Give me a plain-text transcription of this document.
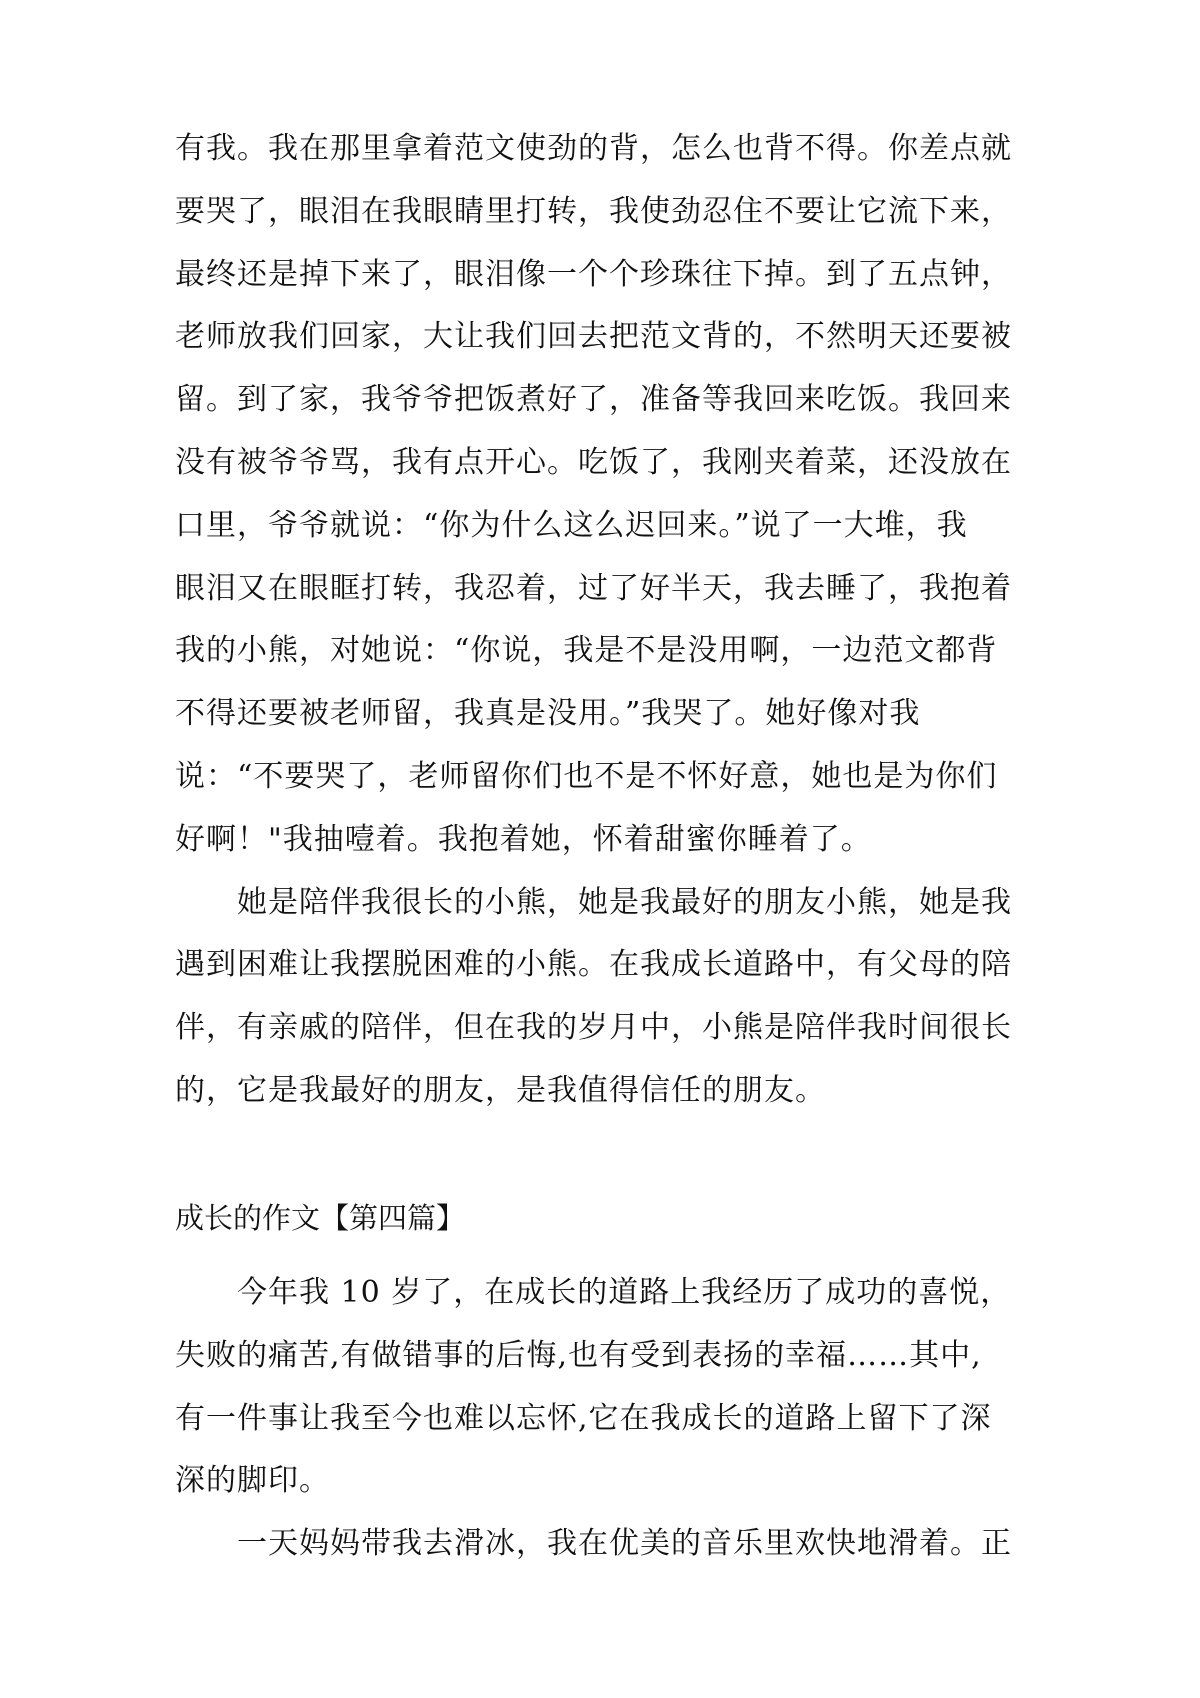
有我。我在那里拿着范文使劲的背，怎么也背不得。你差点就
要哭了，眼泪在我眼睛里打转，我使劲忍住不要让它流下来，
最终还是掉下来了，眼泪像一个个珍珠往下掉。到了五点钟，
老师放我们回家，大让我们回去把范文背的，不然明天还要被
留。到了家，我爷爷把饭煮好了，准备等我回来吃饭。我回来
没有被爷爷骂，我有点开心。吃饭了，我刚夹着菜，还没放在
口里，爷爷就说：“你为什么这么迟回来。”说了一大堆，我
眼泪又在眼眶打转，我忍着，过了好半天，我去睡了，我抱着
我的小熊，对她说：“你说，我是不是没用啊，一边范文都背
不得还要被老师留，我真是没用。”我哭了。她好像对我
说：“不要哭了，老师留你们也不是不怀好意，她也是为你们
好啊！"我抽噎着。我抱着她，怀着甜蜜你睡着了。
　　她是陪伴我很长的小熊，她是我最好的朋友小熊，她是我
遇到困难让我摆脱困难的小熊。在我成长道路中，有父母的陪
伴，有亲戚的陪伴，但在我的岁月中，小熊是陪伴我时间很长
的，它是我最好的朋友，是我值得信任的朋友。
成长的作文【第四篇】
　　今年我 10 岁了，在成长的道路上我经历了成功的喜悦，
失败的痛苦,有做错事的后悔,也有受到表扬的幸福……其中,
有一件事让我至今也难以忘怀,它在我成长的道路上留下了深
深的脚印。
　　一天妈妈带我去滑冰，我在优美的音乐里欢快地滑着。正
